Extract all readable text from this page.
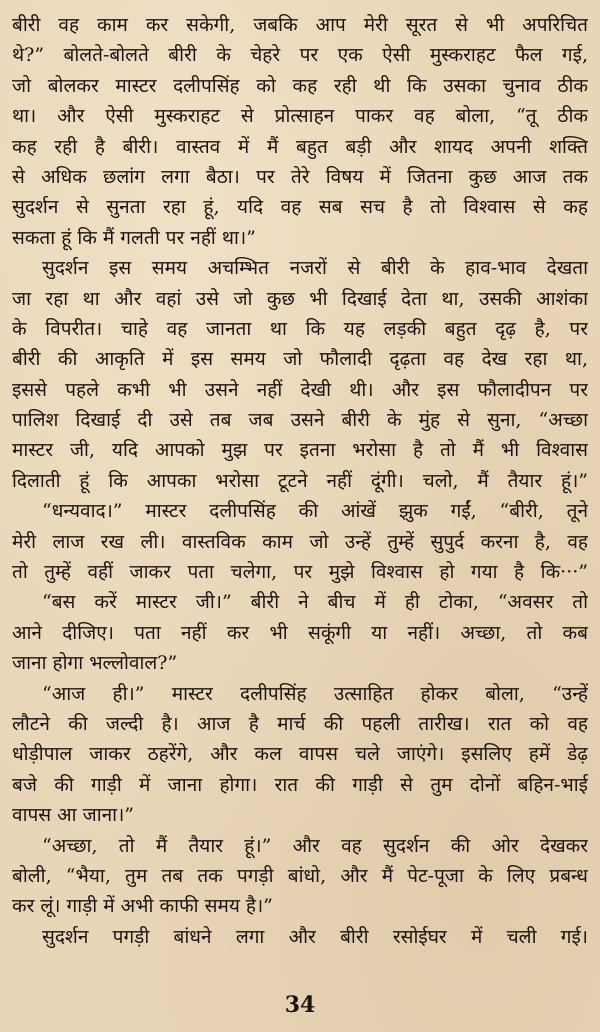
बीरी वह काम कर सकेगी, जबकि आप मेरी सूरत से भी अपरिचित
थे?” बोलते-बोलते बीरी के चेहरे पर एक ऐसी मुस्कराहट फैल गई,
जो बोलकर मास्टर दलीपसिंह को कह रही थी कि उसका चुनाव ठीक
था। और ऐसी मुस्कराहट से प्रोत्साहन पाकर वह बोला, “तू ठीक
कह रही है बीरी। वास्तव में मैं बहुत बड़ी और शायद अपनी शक्ति
से अधिक छलांग लगा बैठा। पर तेरे विषय में जितना कुछ आज तक
सुदर्शन से सुनता रहा हूं, यदि वह सब सच है तो विश्वास से कह
सकता हूं कि मैं गलती पर नहीं था।”
सुदर्शन इस समय अचम्भित नजरों से बीरी के हाव-भाव देखता
जा रहा था और वहां उसे जो कुछ भी दिखाई देता था, उसकी आशंका
के विपरीत। चाहे वह जानता था कि यह लड़की बहुत दृढ़ है, पर
बीरी की आकृति में इस समय जो फौलादी दृढ़ता वह देख रहा था,
इससे पहले कभी भी उसने नहीं देखी थी। और इस फौलादीपन पर
पालिश दिखाई दी उसे तब जब उसने बीरी के मुंह से सुना, “अच्छा
मास्टर जी, यदि आपको मुझ पर इतना भरोसा है तो मैं भी विश्वास
दिलाती हूं कि आपका भरोसा टूटने नहीं दूंगी। चलो, मैं तैयार हूं।”
“धन्यवाद।” मास्टर दलीपसिंह की आंखें झुक गईं, “बीरी, तूने
मेरी लाज रख ली। वास्तविक काम जो उन्हें तुम्हें सुपुर्द करना है, वह
तो तुम्हें वहीं जाकर पता चलेगा, पर मुझे विश्वास हो गया है कि···”
“बस करें मास्टर जी।” बीरी ने बीच में ही टोका, “अवसर तो
आने दीजिए। पता नहीं कर भी सकूंगी या नहीं। अच्छा, तो कब
जाना होगा भल्लोवाल?”
“आज ही।” मास्टर दलीपसिंह उत्साहित होकर बोला, “उन्हें
लौटने की जल्दी है। आज है मार्च की पहली तारीख। रात को वह
धोड़ीपाल जाकर ठहरेंगे, और कल वापस चले जाएंगे। इसलिए हमें डेढ़
बजे की गाड़ी में जाना होगा। रात की गाड़ी से तुम दोनों बहिन-भाई
वापस आ जाना।”
“अच्छा, तो मैं तैयार हूं।” और वह सुदर्शन की ओर देखकर
बोली, “भैया, तुम तब तक पगड़ी बांधो, और मैं पेट-पूजा के लिए प्रबन्ध
कर लूं। गाड़ी में अभी काफी समय है।”
सुदर्शन पगड़ी बांधने लगा और बीरी रसोईघर में चली गई।
34
